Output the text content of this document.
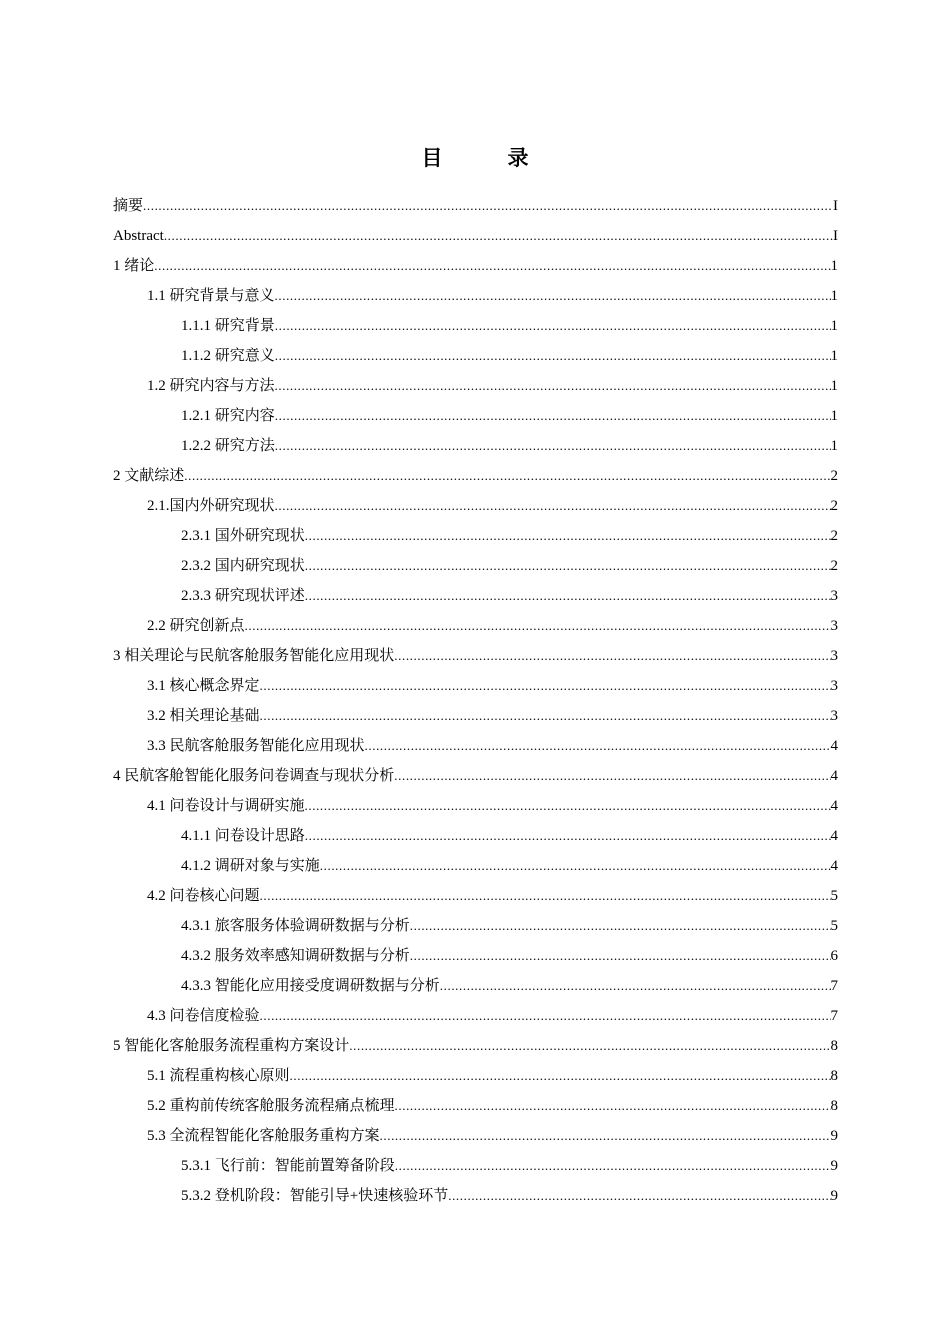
目　录
摘要 .....	I
Abstract .....	I
1 绪论 .....	1
1.1 研究背景与意义 .....	1
1.1.1 研究背景 .....	1
1.1.2 研究意义 .....	1
1.2 研究内容与方法 .....	1
1.2.1 研究内容 .....	1
1.2.2 研究方法 .....	1
2 文献综述 .....	2
2.1.国内外研究现状 .....	2
2.3.1 国外研究现状 .....	2
2.3.2 国内研究现状 .....	2
2.3.3 研究现状评述 .....	3
2.2 研究创新点 .....	3
3 相关理论与民航客舱服务智能化应用现状 .....	3
3.1 核心概念界定 .....	3
3.2 相关理论基础 .....	3
3.3 民航客舱服务智能化应用现状 .....	4
4 民航客舱智能化服务问卷调查与现状分析 .....	4
4.1 问卷设计与调研实施 .....	4
4.1.1 问卷设计思路 .....	4
4.1.2 调研对象与实施 .....	4
4.2 问卷核心问题 .....	5
4.3.1 旅客服务体验调研数据与分析 .....	5
4.3.2 服务效率感知调研数据与分析 .....	6
4.3.3 智能化应用接受度调研数据与分析 .....	7
4.3 问卷信度检验 .....	7
5 智能化客舱服务流程重构方案设计 .....	8
5.1 流程重构核心原则 .....	8
5.2 重构前传统客舱服务流程痛点梳理 .....	8
5.3 全流程智能化客舱服务重构方案 .....	9
5.3.1 飞行前：智能前置筹备阶段 .....	9
5.3.2 登机阶段：智能引导+快速核验环节 .....	9
